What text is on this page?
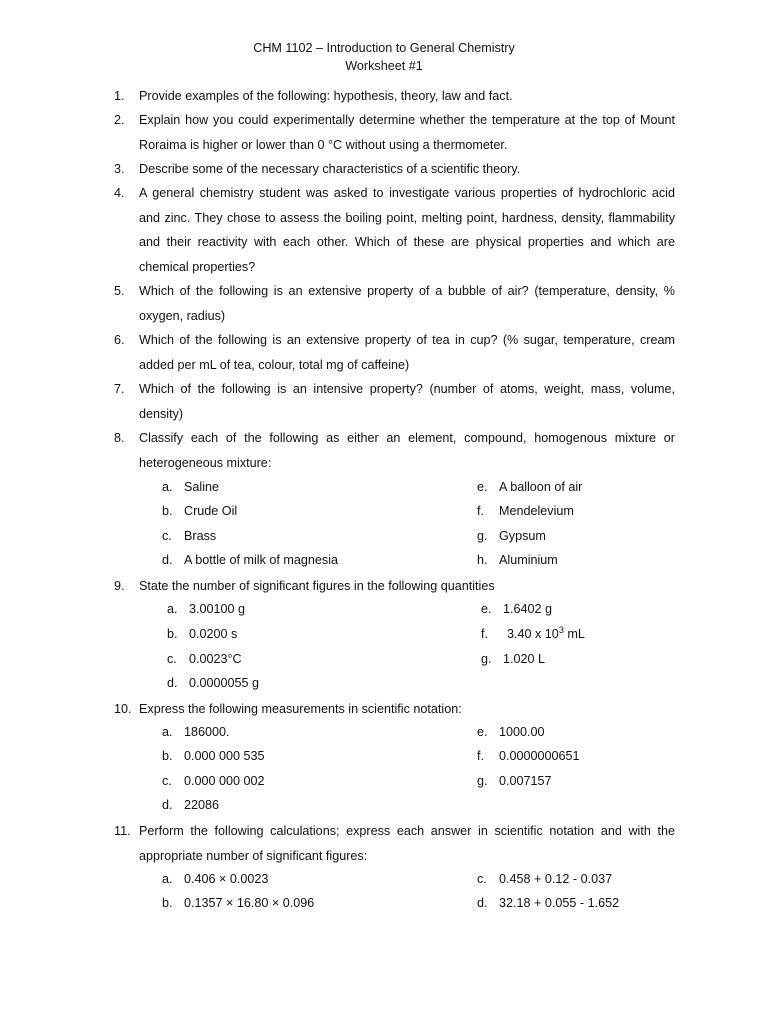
CHM 1102 – Introduction to General Chemistry
Worksheet #1
1. Provide examples of the following: hypothesis, theory, law and fact.
2. Explain how you could experimentally determine whether the temperature at the top of Mount Roraima is higher or lower than 0 °C without using a thermometer.
3. Describe some of the necessary characteristics of a scientific theory.
4. A general chemistry student was asked to investigate various properties of hydrochloric acid and zinc. They chose to assess the boiling point, melting point, hardness, density, flammability and their reactivity with each other. Which of these are physical properties and which are chemical properties?
5. Which of the following is an extensive property of a bubble of air? (temperature, density, % oxygen, radius)
6. Which of the following is an extensive property of tea in cup? (% sugar, temperature, cream added per mL of tea, colour, total mg of caffeine)
7. Which of the following is an intensive property? (number of atoms, weight, mass, volume, density)
8. Classify each of the following as either an element, compound, homogenous mixture or heterogeneous mixture:
a. Saline
b. Crude Oil
c. Brass
d. A bottle of milk of magnesia
e. A balloon of air
f. Mendelevium
g. Gypsum
h. Aluminium
9. State the number of significant figures in the following quantities
a. 3.00100 g
b. 0.0200 s
c. 0.0023°C
d. 0.0000055 g
e. 1.6402 g
f. 3.40 x $10^3$ mL
g. 1.020 L
10. Express the following measurements in scientific notation:
a. 186000.
b. 0.000 000 535
c. 0.000 000 002
d. 22086
e. 1000.00
f. 0.0000000651
g. 0.007157
11. Perform the following calculations; express each answer in scientific notation and with the appropriate number of significant figures:
a. 0.406 × 0.0023
b. 0.1357 × 16.80 × 0.096
c. 0.458 + 0.12 - 0.037
d. 32.18 + 0.055 - 1.652
